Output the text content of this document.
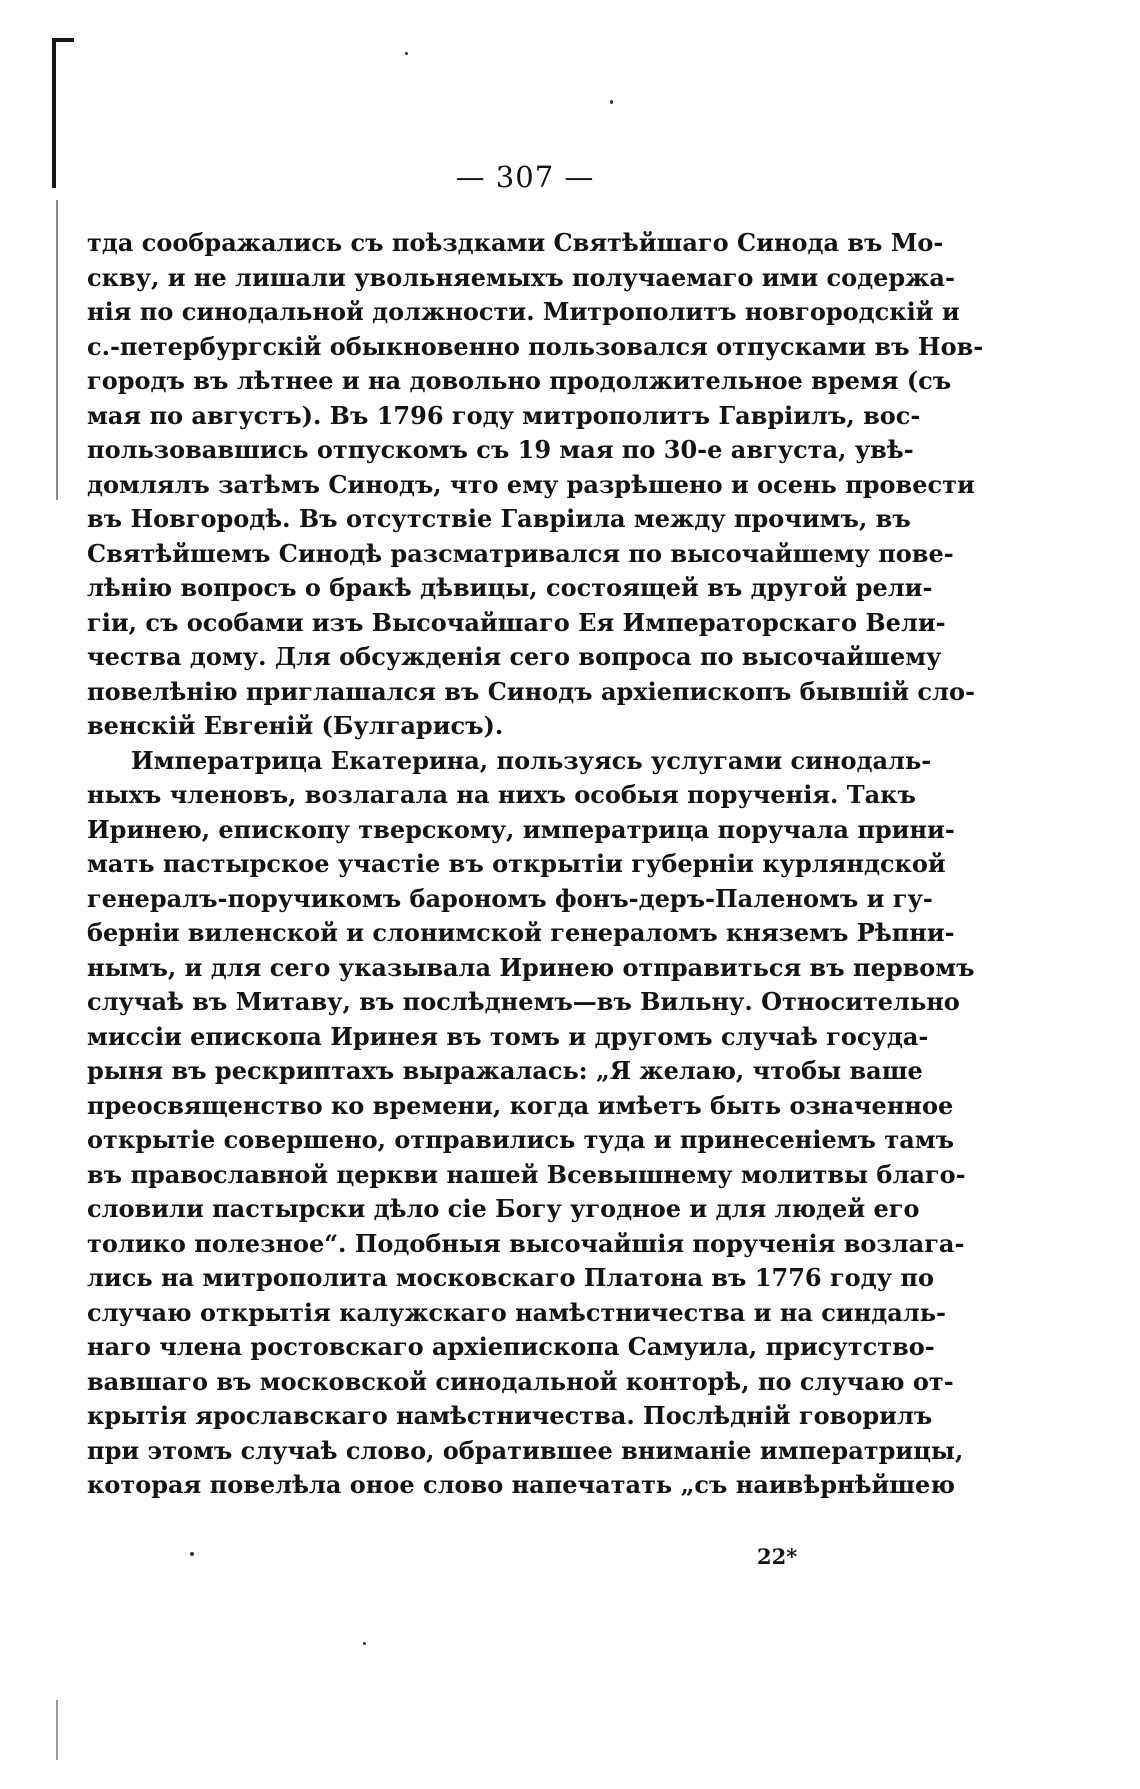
— 307 —
тда соображались съ поѣздками Святѣйшаго Синода въ Мо-
скву, и не лишали увольняемыхъ получаемаго ими содержа-
нія по синодальной должности. Митрополитъ новгородскій и
с.-петербургскій обыкновенно пользовался отпусками въ Нов-
городъ въ лѣтнее и на довольно продолжительное время (съ
мая по августъ). Въ 1796 году митрополитъ Гавріилъ, вос-
пользовавшись отпускомъ съ 19 мая по 30-е августа, увѣ-
домлялъ затѣмъ Синодъ, что ему разрѣшено и осень провести
въ Новгородѣ. Въ отсутствіе Гавріила между прочимъ, въ
Святѣйшемъ Синодѣ разсматривался по высочайшему пове-
лѣнію вопросъ о бракѣ дѣвицы, состоящей въ другой рели-
гіи, съ особами изъ Высочайшаго Ея Императорскаго Вели-
чества дому. Для обсужденія сего вопроса по высочайшему
повелѣнію приглашался въ Синодъ архіепископъ бывшій сло-
венскій Евгеній (Булгарисъ).
Императрица Екатерина, пользуясь услугами синодаль-
ныхъ членовъ, возлагала на нихъ особыя порученія. Такъ
Иринею, епископу тверскому, императрица поручала прини-
мать пастырское участіе въ открытіи губерніи курляндской
генералъ-поручикомъ барономъ фонъ-деръ-Паленомъ и гу-
берніи виленской и слонимской генераломъ княземъ Рѣпни-
нымъ, и для сего указывала Иринею отправиться въ первомъ
случаѣ въ Митаву, въ послѣднемъ—въ Вильну. Относительно
миссіи епископа Иринея въ томъ и другомъ случаѣ госуда-
рыня въ рескриптахъ выражалась: „Я желаю, чтобы ваше
преосвященство ко времени, когда имѣетъ быть означенное
открытіе совершено, отправились туда и принесеніемъ тамъ
въ православной церкви нашей Всевышнему молитвы благо-
словили пастырски дѣло сіе Богу угодное и для людей его
толико полезное“. Подобныя высочайшія порученія возлага-
лись на митрополита московскаго Платона въ 1776 году по
случаю открытія калужскаго намѣстничества и на синдаль-
наго члена ростовскаго архіепископа Самуила, присутство-
вавшаго въ московской синодальной конторѣ, по случаю от-
крытія ярославскаго намѣстничества. Послѣдній говорилъ
при этомъ случаѣ слово, обратившее вниманіе императрицы,
которая повелѣла оное слово напечатать „съ наивѣрнѣйшею
22*
